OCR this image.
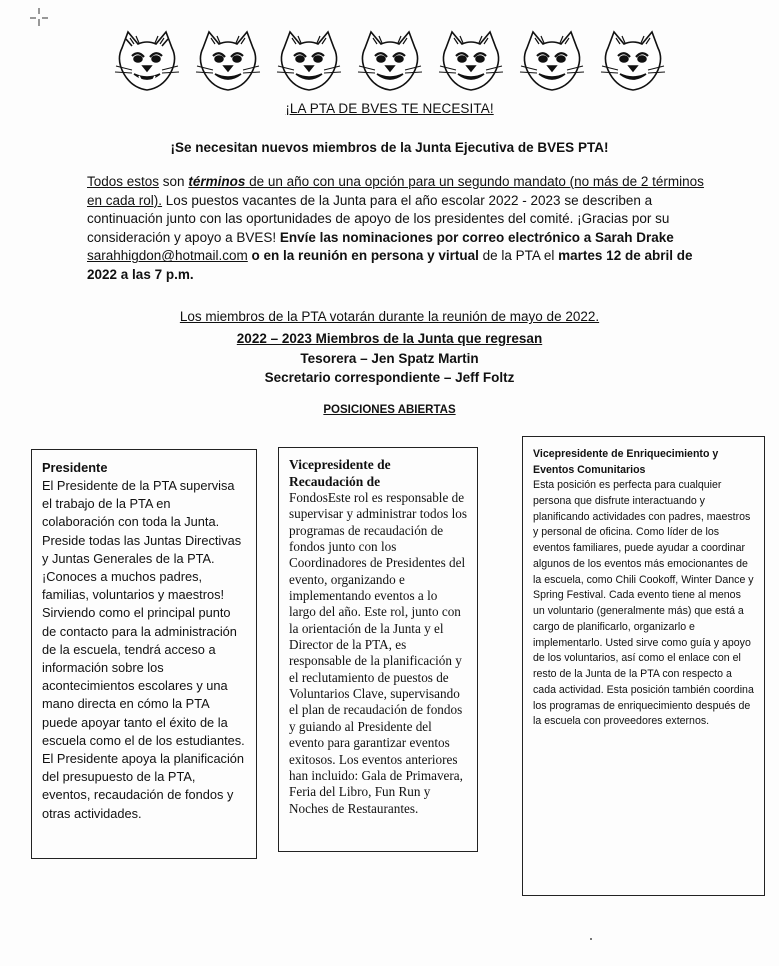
¡LA PTA DE BVES TE NECESITA!
¡Se necesitan nuevos miembros de la Junta Ejecutiva de BVES PTA!
Todos estos son términos de un año con una opción para un segundo mandato (no más de 2 términos en cada rol). Los puestos vacantes de la Junta para el año escolar 2022 - 2023 se describen a continuación junto con las oportunidades de apoyo de los presidentes del comité. ¡Gracias por su consideración y apoyo a BVES! Envíe las nominaciones por correo electrónico a Sarah Drake sarahhigdon@hotmail.com o en la reunión en persona y virtual de la PTA el martes 12 de abril de 2022 a las 7 p.m.
Los miembros de la PTA votarán durante la reunión de mayo de 2022.
2022 – 2023 Miembros de la Junta que regresan
Tesorera – Jen Spatz Martin
Secretario correspondiente – Jeff Foltz
POSICIONES ABIERTAS
Presidente
El Presidente de la PTA supervisa el trabajo de la PTA en colaboración con toda la Junta. Preside todas las Juntas Directivas y Juntas Generales de la PTA. ¡Conoces a muchos padres, familias, voluntarios y maestros! Sirviendo como el principal punto de contacto para la administración de la escuela, tendrá acceso a información sobre los acontecimientos escolares y una mano directa en cómo la PTA puede apoyar tanto el éxito de la escuela como el de los estudiantes. El Presidente apoya la planificación del presupuesto de la PTA, eventos, recaudación de fondos y otras actividades.
Vicepresidente de Recaudación de
FondosEste rol es responsable de supervisar y administrar todos los programas de recaudación de fondos junto con los Coordinadores de Presidentes del evento, organizando e implementando eventos a lo largo del año. Este rol, junto con la orientación de la Junta y el Director de la PTA, es responsable de la planificación y el reclutamiento de puestos de Voluntarios Clave, supervisando el plan de recaudación de fondos y guiando al Presidente del evento para garantizar eventos exitosos. Los eventos anteriores han incluido: Gala de Primavera, Feria del Libro, Fun Run y Noches de Restaurantes.
Vicepresidente de Enriquecimiento y Eventos Comunitarios
Esta posición es perfecta para cualquier persona que disfrute interactuando y planificando actividades con padres, maestros y personal de oficina. Como líder de los eventos familiares, puede ayudar a coordinar algunos de los eventos más emocionantes de la escuela, como Chili Cookoff, Winter Dance y Spring Festival. Cada evento tiene al menos un voluntario (generalmente más) que está a cargo de planificarlo, organizarlo e implementarlo. Usted sirve como guía y apoyo de los voluntarios, así como el enlace con el resto de la Junta de la PTA con respecto a cada actividad. Esta posición también coordina los programas de enriquecimiento después de la escuela con proveedores externos.
